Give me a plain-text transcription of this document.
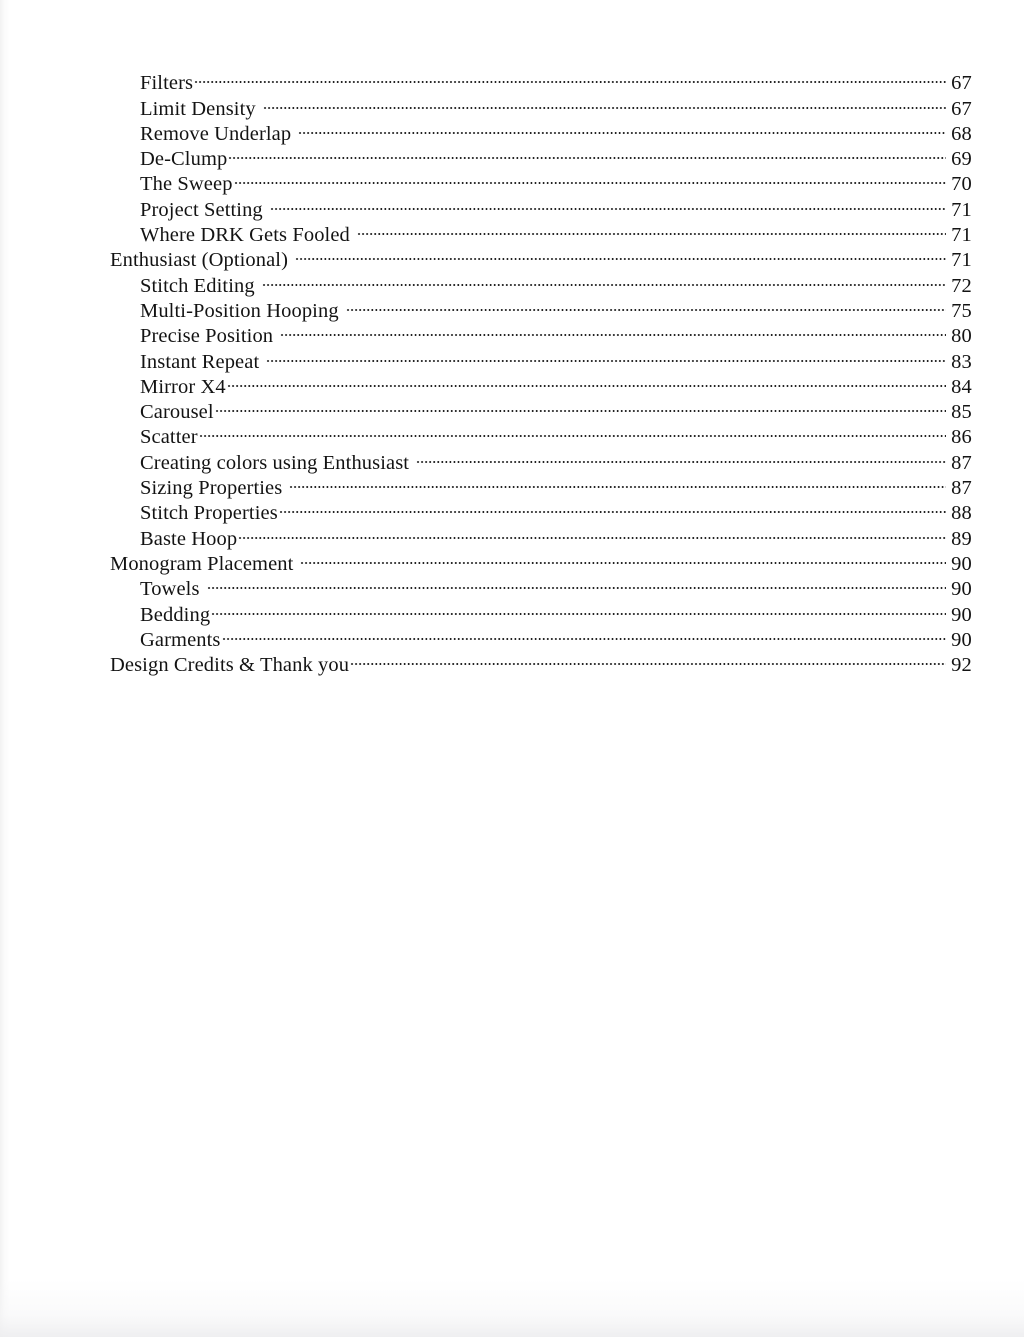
Filters	67
Limit Density	67
Remove Underlap	68
De-Clump	69
The Sweep	70
Project Setting	71
Where DRK Gets Fooled	71
Enthusiast (Optional)	71
Stitch Editing	72
Multi-Position Hooping	75
Precise Position	80
Instant Repeat	83
Mirror X4	84
Carousel	85
Scatter	86
Creating colors using Enthusiast	87
Sizing Properties	87
Stitch Properties	88
Baste Hoop	89
Monogram Placement	90
Towels	90
Bedding	90
Garments	90
Design Credits & Thank you	92
